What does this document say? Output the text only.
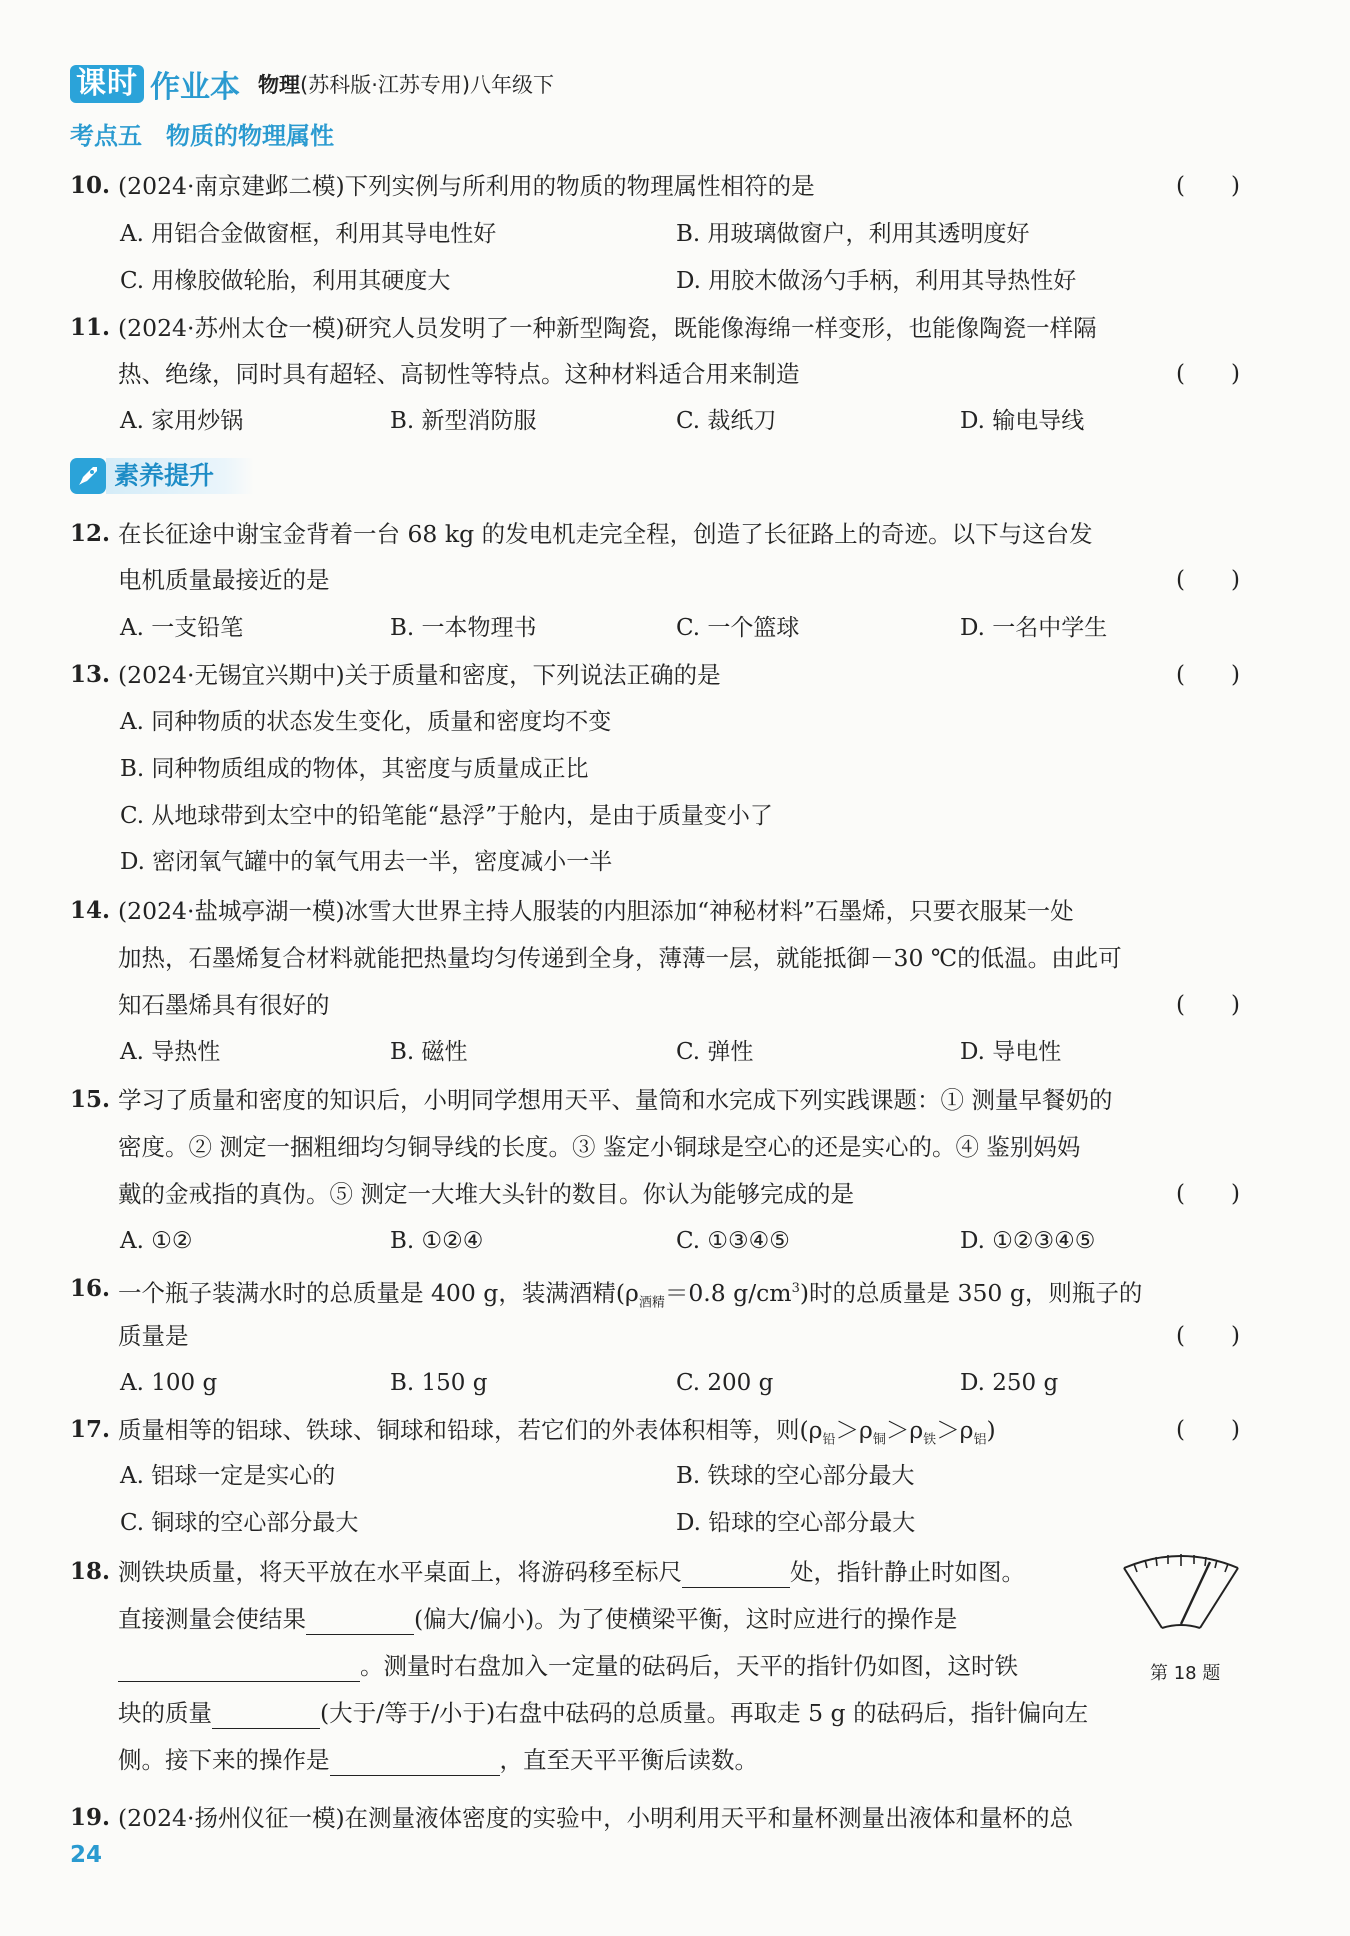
课时 作业本 物理(苏科版·江苏专用)八年级下
考点五　物质的物理属性
10. (2024·南京建邺二模)下列实例与所利用的物质的物理属性相符的是	(　　)
A. 用铝合金做窗框，利用其导电性好	B. 用玻璃做窗户，利用其透明度好
C. 用橡胶做轮胎，利用其硬度大	D. 用胶木做汤勺手柄，利用其导热性好
11. (2024·苏州太仓一模)研究人员发明了一种新型陶瓷，既能像海绵一样变形，也能像陶瓷一样隔
热、绝缘，同时具有超轻、高韧性等特点。这种材料适合用来制造	(　　)
A. 家用炒锅	B. 新型消防服	C. 裁纸刀	D. 输电导线
素养提升
12. 在长征途中谢宝金背着一台 68 kg 的发电机走完全程，创造了长征路上的奇迹。以下与这台发
电机质量最接近的是	(　　)
A. 一支铅笔	B. 一本物理书	C. 一个篮球	D. 一名中学生
13. (2024·无锡宜兴期中)关于质量和密度，下列说法正确的是	(　　)
A. 同种物质的状态发生变化，质量和密度均不变
B. 同种物质组成的物体，其密度与质量成正比
C. 从地球带到太空中的铅笔能“悬浮”于舱内，是由于质量变小了
D. 密闭氧气罐中的氧气用去一半，密度减小一半
14. (2024·盐城亭湖一模)冰雪大世界主持人服装的内胆添加“神秘材料”石墨烯，只要衣服某一处
加热，石墨烯复合材料就能把热量均匀传递到全身，薄薄一层，就能抵御－30 ℃的低温。由此可
知石墨烯具有很好的	(　　)
A. 导热性	B. 磁性	C. 弹性	D. 导电性
15. 学习了质量和密度的知识后，小明同学想用天平、量筒和水完成下列实践课题：① 测量早餐奶的
密度。② 测定一捆粗细均匀铜导线的长度。③ 鉴定小铜球是空心的还是实心的。④ 鉴别妈妈
戴的金戒指的真伪。⑤ 测定一大堆大头针的数目。你认为能够完成的是	(　　)
A. ①②	B. ①②④	C. ①③④⑤	D. ①②③④⑤
16. 一个瓶子装满水时的总质量是 400 g，装满酒精($\rho_{酒精}=0.8$ $g/cm^3$)时的总质量是 350 g，则瓶子的
质量是	(　　)
A. 100 g	B. 150 g	C. 200 g	D. 250 g
17. 质量相等的铝球、铁球、铜球和铅球，若它们的外表体积相等，则$(\rho_铅>\rho_铜>\rho_铁>\rho_铝)$	(　　)
A. 铝球一定是实心的	B. 铁球的空心部分最大
C. 铜球的空心部分最大	D. 铅球的空心部分最大
18. 测铁块质量，将天平放在水平桌面上，将游码移至标尺	处，指针静止时如图。
直接测量会使结果	(偏大/偏小)。为了使横梁平衡，这时应进行的操作是
。测量时右盘加入一定量的砝码后，天平的指针仍如图，这时铁
块的质量	(大于/等于/小于)右盘中砝码的总质量。再取走 5 g 的砝码后，指针偏向左
侧。接下来的操作是	，直至天平平衡后读数。
第 18 题
19. (2024·扬州仪征一模)在测量液体密度的实验中，小明利用天平和量杯测量出液体和量杯的总
24
